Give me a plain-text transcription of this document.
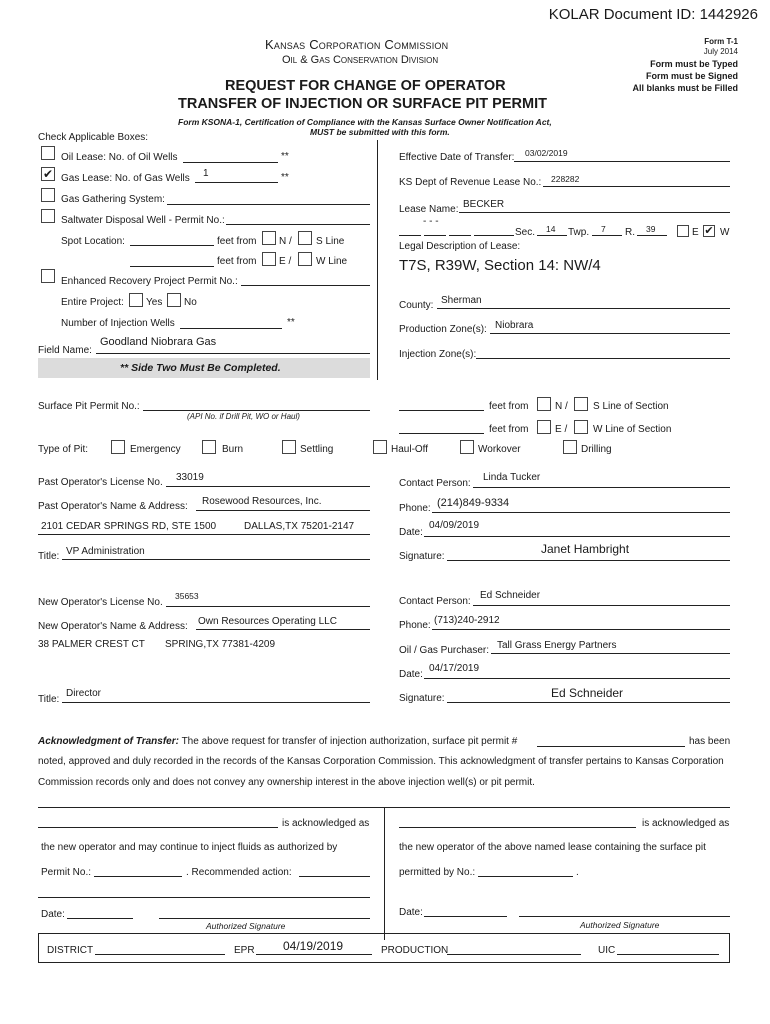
KOLAR Document ID: 1442926
Kansas Corporation Commission
Oil & Gas Conservation Division
Form T-1
July 2014
Form must be Typed
Form must be Signed
All blanks must be Filled
REQUEST FOR CHANGE OF OPERATOR
TRANSFER OF INJECTION OR SURFACE PIT PERMIT
Form KSONA-1, Certification of Compliance with the Kansas Surface Owner Notification Act,
MUST be submitted with this form.
Check Applicable Boxes:
Oil Lease: No. of Oil Wells	**
✔ Gas Lease: No. of Gas Wells 1	**
Gas Gathering System:
Saltwater Disposal Well - Permit No.:
Spot Location:	feet from N / S Line
feet from E / W Line
Enhanced Recovery Project Permit No.:
Entire Project: Yes No
Number of Injection Wells	**
Field Name:
Goodland Niobrara Gas
** Side Two Must Be Completed.
Effective Date of Transfer: 03/02/2019
KS Dept of Revenue Lease No.: 228282
Lease Name: BECKER
- - -
Sec. 14 Twp. 7 R. 39	E ✔ W
Legal Description of Lease:
T7S, R39W, Section 14: NW/4
County: Sherman
Production Zone(s): Niobrara
Injection Zone(s):
Surface Pit Permit No.:
(API No. if Drill Pit, WO or Haul)
feet from	N /	S Line of Section
feet from	E /	W Line of Section
Type of Pit:	Emergency	Burn	Settling	Haul-Off	Workover	Drilling
Past Operator's License No. 33019
Past Operator's Name & Address: Rosewood Resources, Inc.
2101 CEDAR SPRINGS RD, STE 1500	DALLAS,TX 75201-2147
Title: VP Administration
Contact Person:
Linda Tucker
Phone: (214)849-9334
Date:
04/09/2019
Signature:
Janet Hambright
New Operator's License No.
35653
New Operator's Name & Address: Own Resources Operating LLC
38 PALMER CREST CT SPRING,TX 77381-4209
Title:
Director
Contact Person:
Ed Schneider
Phone: (713)240-2912
Oil / Gas Purchaser: Tall Grass Energy Partners
Date:
04/17/2019
Signature:	Ed Schneider
Acknowledgment of Transfer: The above request for transfer of injection authorization, surface pit permit #	has been
noted, approved and duly recorded in the records of the Kansas Corporation Commission. This acknowledgment of transfer pertains to Kansas Corporation
Commission records only and does not convey any ownership interest in the above injection well(s) or pit permit.
is acknowledged as
the new operator and may continue to inject fluids as authorized by
Permit No.:	. Recommended action:
Date:
Authorized Signature
is acknowledged as
the new operator of the above named lease containing the surface pit
permitted by No.:	.
Date:
Authorized Signature
DISTRICT	EPR 04/19/2019	PRODUCTION	UIC
